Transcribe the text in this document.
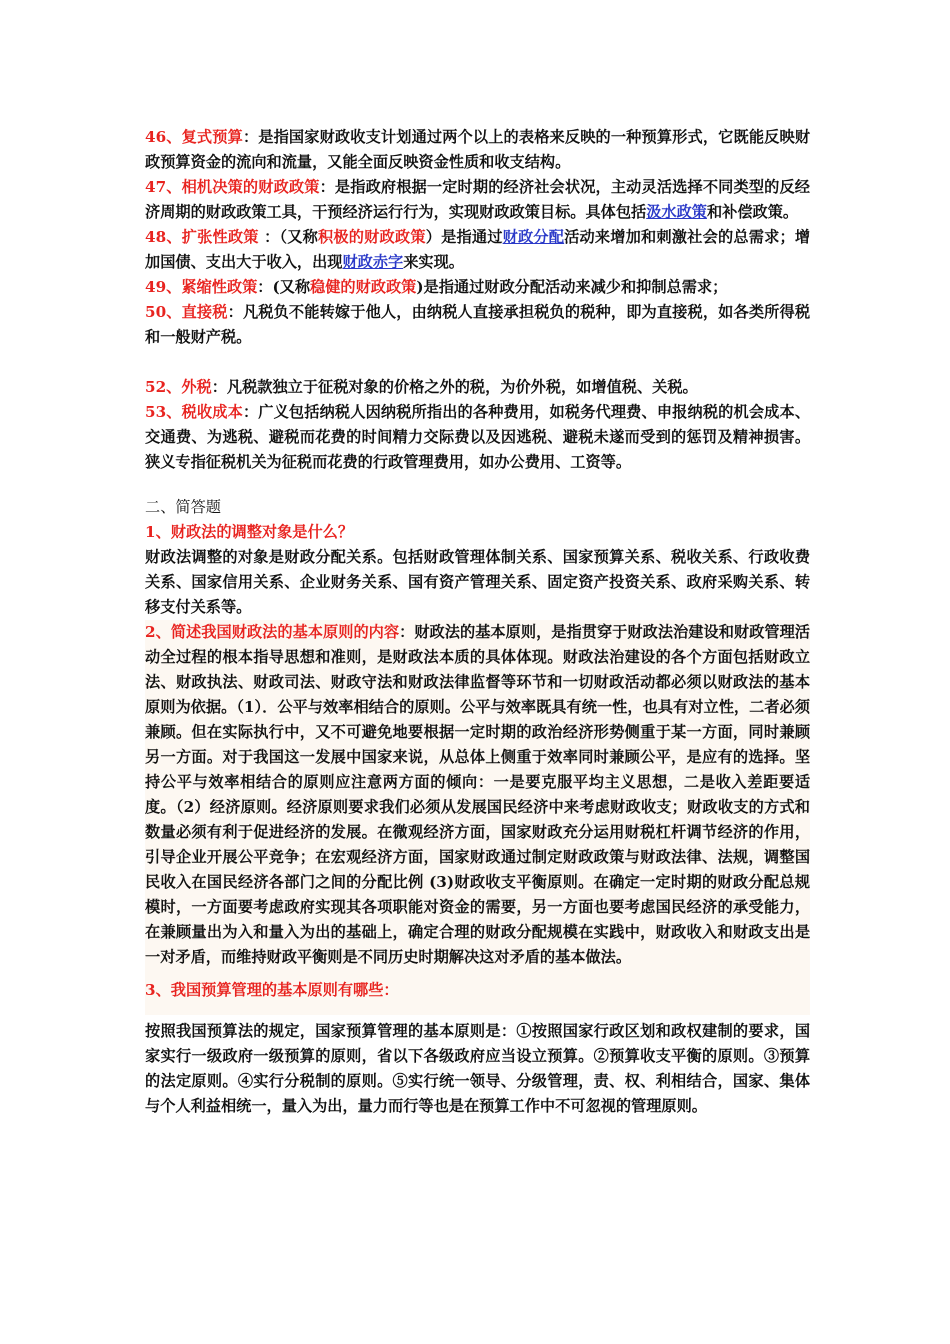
46、复式预算：是指国家财政收支计划通过两个以上的表格来反映的一种预算形式，它既能反映财政预算资金的流向和流量，又能全面反映资金性质和收支结构。

47、相机决策的财政政策：是指政府根据一定时期的经济社会状况，主动灵活选择不同类型的反经济周期的财政政策工具，干预经济运行行为，实现财政政策目标。具体包括汲水政策和补偿政策。

48、扩张性政策 ：（又称积极的财政政策）是指通过财政分配活动来增加和刺激社会的总需求；增加国债、支出大于收入，出现财政赤字来实现。

49、紧缩性政策：(又称稳健的财政政策)是指通过财政分配活动来减少和抑制总需求；

50、直接税：凡税负不能转嫁于他人，由纳税人直接承担税负的税种，即为直接税，如各类所得税和一般财产税。

52、外税：凡税款独立于征税对象的价格之外的税，为价外税，如增值税、关税。

53、税收成本：广义包括纳税人因纳税所指出的各种费用，如税务代理费、申报纳税的机会成本、交通费、为逃税、避税而花费的时间精力交际费以及因逃税、避税未遂而受到的惩罚及精神损害。狭义专指征税机关为征税而花费的行政管理费用，如办公费用、工资等。

二、简答题

1、财政法的调整对象是什么？

财政法调整的对象是财政分配关系。包括财政管理体制关系、国家预算关系、税收关系、行政收费关系、国家信用关系、企业财务关系、国有资产管理关系、固定资产投资关系、政府采购关系、转移支付关系等。

2、简述我国财政法的基本原则的内容：财政法的基本原则，是指贯穿于财政法治建设和财政管理活动全过程的根本指导思想和准则，是财政法本质的具体体现。财政法治建设的各个方面包括财政立法、财政执法、财政司法、财政守法和财政法律监督等环节和一切财政活动都必须以财政法的基本原则为依据。（1）．公平与效率相结合的原则。公平与效率既具有统一性，也具有对立性，二者必须兼顾。但在实际执行中，又不可避免地要根据一定时期的政治经济形势侧重于某一方面，同时兼顾另一方面。对于我国这一发展中国家来说，从总体上侧重于效率同时兼顾公平，是应有的选择。坚持公平与效率相结合的原则应注意两方面的倾向：一是要克服平均主义思想，二是收入差距要适度。（2）经济原则。经济原则要求我们必须从发展国民经济中来考虑财政收支；财政收支的方式和数量必须有利于促进经济的发展。在微观经济方面，国家财政充分运用财税杠杆调节经济的作用，引导企业开展公平竞争；在宏观经济方面，国家财政通过制定财政政策与财政法律、法规，调整国民收入在国民经济各部门之间的分配比例 (3)财政收支平衡原则。在确定一定时期的财政分配总规模时，一方面要考虑政府实现其各项职能对资金的需要，另一方面也要考虑国民经济的承受能力，在兼顾量出为入和量入为出的基础上，确定合理的财政分配规模在实践中，财政收入和财政支出是一对矛盾，而维持财政平衡则是不同历史时期解决这对矛盾的基本做法。

3、我国预算管理的基本原则有哪些：

按照我国预算法的规定，国家预算管理的基本原则是：①按照国家行政区划和政权建制的要求，国家实行一级政府一级预算的原则，省以下各级政府应当设立预算。②预算收支平衡的原则。③预算的法定原则。④实行分税制的原则。⑤实行统一领导、分级管理，责、权、利相结合，国家、集体与个人利益相统一，量入为出，量力而行等也是在预算工作中不可忽视的管理原则。
